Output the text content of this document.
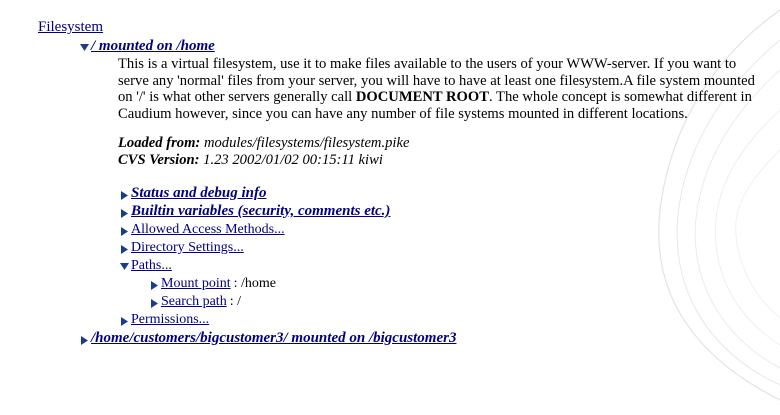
Filesystem
/ mounted on /home
This is a virtual filesystem, use it to make files available to the users of your WWW-server. If you want to serve any 'normal' files from your server, you will have to have at least one filesystem.A file system mounted on '/' is what other servers generally call DOCUMENT ROOT. The whole concept is somewhat different in Caudium however, since you can have any number of file systems mounted in different locations.
Loaded from: modules/filesystems/filesystem.pike
CVS Version: 1.23 2002/01/02 00:15:11 kiwi
Status and debug info
Builtin variables (security, comments etc.)
Allowed Access Methods...
Directory Settings...
Paths...
Mount point : /home
Search path : /
Permissions...
/home/customers/bigcustomer3/ mounted on /bigcustomer3
